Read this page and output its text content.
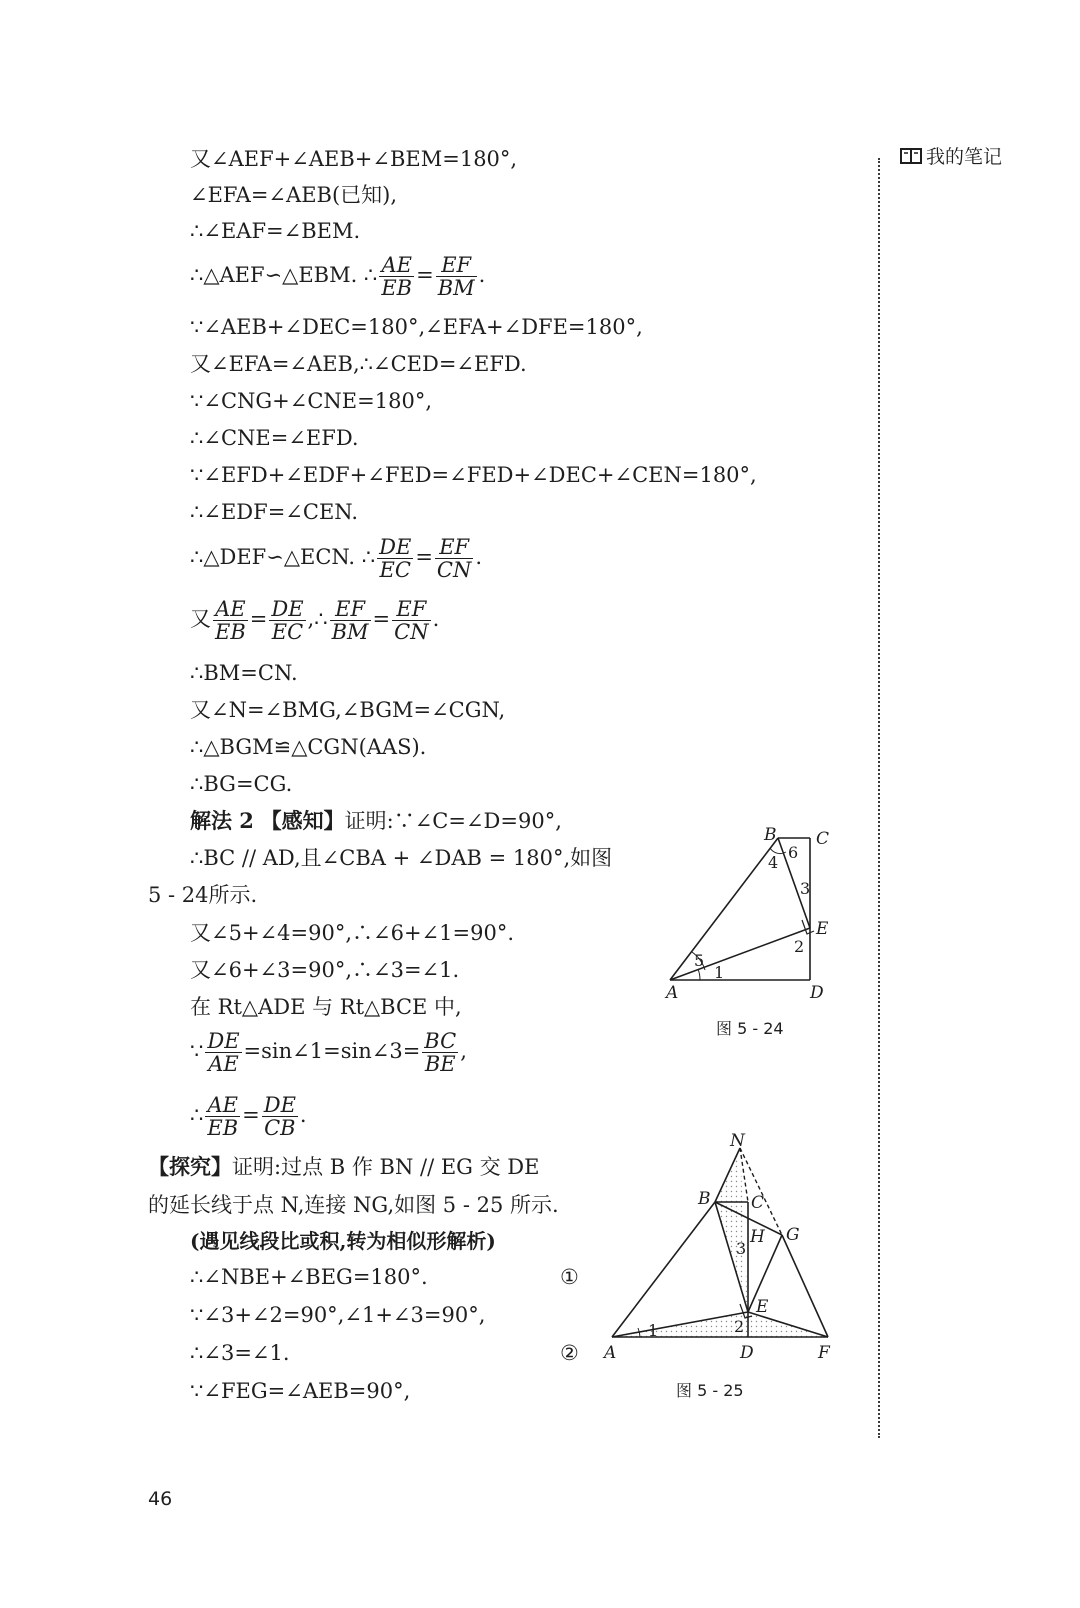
我的笔记
又∠AEF+∠AEB+∠BEM=180°,
∠EFA=∠AEB(已知),
∴∠EAF=∠BEM.
∴△AEF∽△EBM. ∴ $\frac{AE}{EB} = \frac{EF}{BM}$ .
∵∠AEB+∠DEC=180°,∠EFA+∠DFE=180°,
又∠EFA=∠AEB,∴∠CED=∠EFD.
∵∠CNG+∠CNE=180°,
∴∠CNE=∠EFD.
∵∠EFD+∠EDF+∠FED=∠FED+∠DEC+∠CEN=180°,
∴∠EDF=∠CEN.
∴△DEF∽△ECN. ∴ $\frac{DE}{EC} = \frac{EF}{CN}$ .
又 $\frac{AE}{EB} = \frac{DE}{EC}$ ,∴ $\frac{EF}{BM} = \frac{EF}{CN}$ .
∴BM=CN.
又∠N=∠BMG,∠BGM=∠CGN,
∴△BGM≌△CGN(AAS).
∴BG=CG.
解法 2 【感知】证明:∵∠C=∠D=90°,
∴BC // AD,且∠CBA + ∠DAB = 180°,如图
5 - 24所示.
又∠5+∠4=90°,∴∠6+∠1=90°.
又∠6+∠3=90°,∴∠3=∠1.
在 Rt△ADE 与 Rt△BCE 中,
∵ $\frac{DE}{AE}$ =sin∠1=sin∠3= $\frac{BC}{BE}$ ,
∴ $\frac{AE}{EB} = \frac{DE}{CB}$ .
【探究】证明:过点 B 作 BN // EG 交 DE
的延长线于点 N,连接 NG,如图 5 - 25 所示.
(遇见线段比或积,转为相似形解析)
∴∠NBE+∠BEG=180°.	①
∵∠3+∠2=90°,∠1+∠3=90°,
∴∠3=∠1.	②
∵∠FEG=∠AEB=90°,
B C
E
A	D
1
2
3
4
5
6
图 5 - 24
N
B C
H G
E
A	D	F
1	2
3
图 5 - 25
46
